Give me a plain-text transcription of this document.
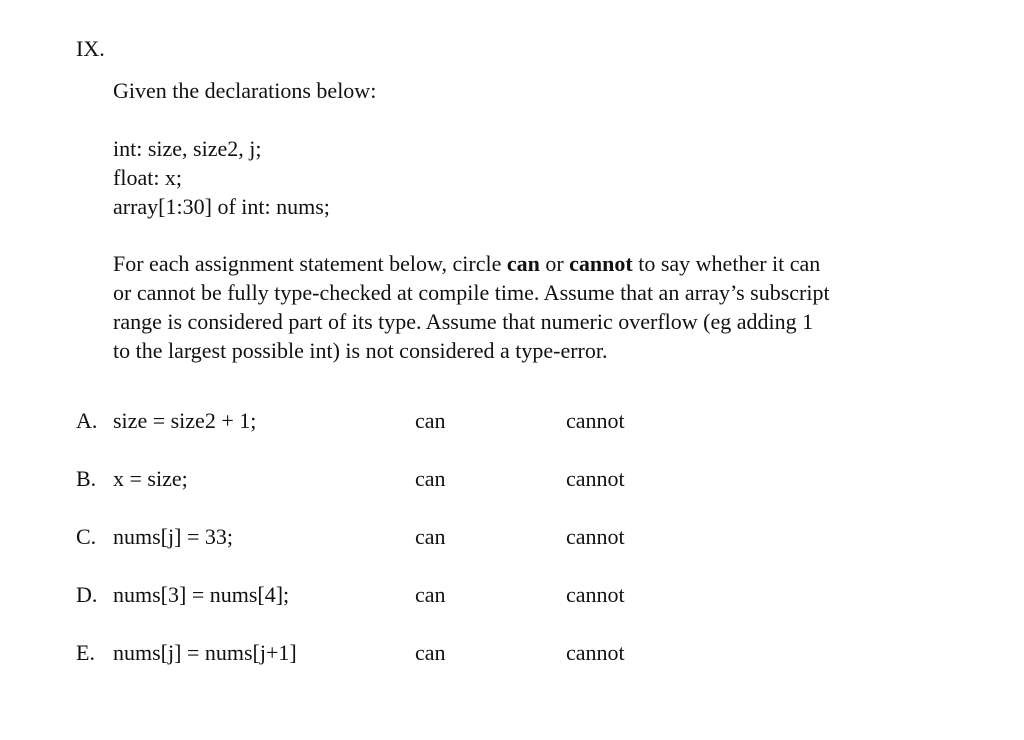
IX.
Given the declarations below:
int: size, size2, j;
float: x;
array[1:30] of int: nums;
For each assignment statement below, circle can or cannot to say whether it can
or cannot be fully type-checked at compile time. Assume that an array’s subscript
range is considered part of its type. Assume that numeric overflow (eg adding 1
to the largest possible int) is not considered a type-error.
A. size = size2 + 1;	can	cannot
B. x = size;	can	cannot
C. nums[j] = 33;	can	cannot
D. nums[3] = nums[4];	can	cannot
E. nums[j] = nums[j+1]	can	cannot
